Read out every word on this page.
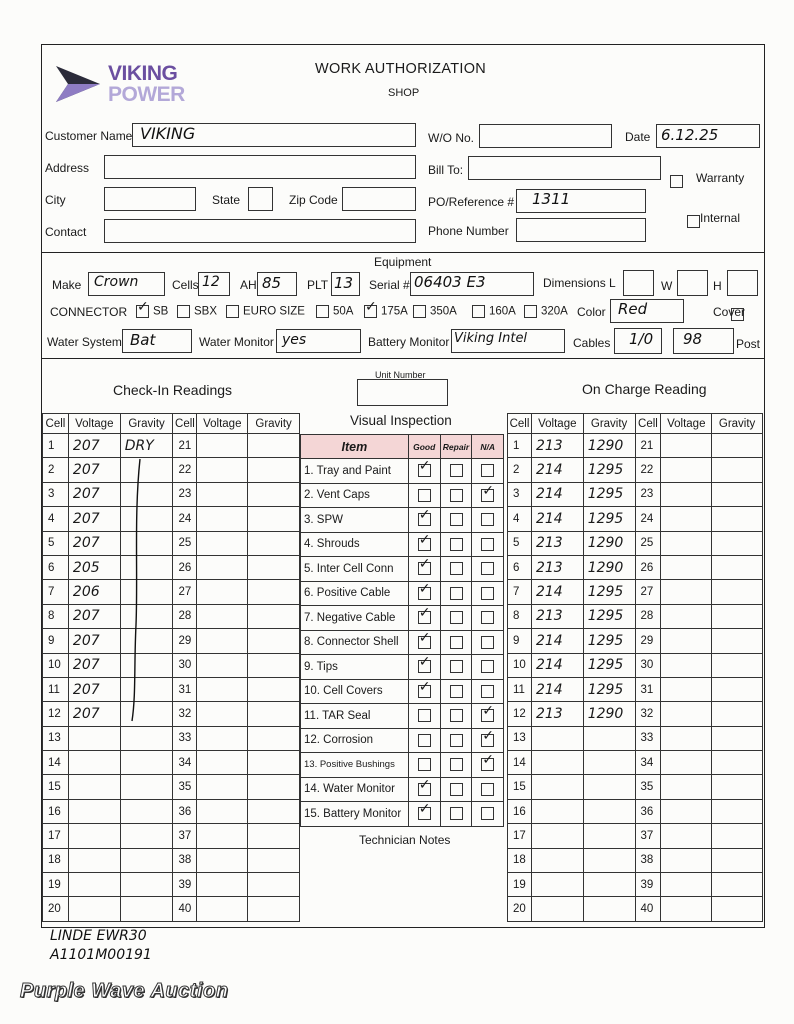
VIKING
POWER
WORK AUTHORIZATION
SHOP
Customer Name VIKING	W/O No.	Date 6.12.25
Address	Bill To:

Warranty

Internal
City	State	Zip Code	PO/Reference # 1311
Contact	Phone Number
Equipment
Make Crown	Cells 12 AH 85 PLT 13 Serial # 06403 E3	Dimensions L	W	H
CONNECTOR ✓	SB	SBX	EURO SIZE	50A ✓	175A	350A	160A	320A Color Red	Cover
Water System Bat	Water Monitor yes	Battery Monitor Viking Intel	Cables 1/0 98	Post
Check-In Readings
Unit Number
On Charge Reading
Visual Inspection
Cell	Voltage	Gravity	Cell	Voltage	Gravity
1	207	DRY	21		
2	207		22		
3	207		23		
4	207		24		
5	207		25		
6	205		26		
7	206		27		
8	207		28		
9	207		29		
10	207		30		
11	207		31		
12	207		32		
13			33		
14			34		
15			35		
16			36		
17			37		
18			38		
19			39		
20			40		
Item	Good	Repair	N/A
1. Tray and Paint	✓		
2. Vent Caps			✓
3. SPW	✓		
4. Shrouds	✓		
5. Inter Cell Conn	✓		
6. Positive Cable	✓		
7. Negative Cable	✓		
8. Connector Shell	✓		
9. Tips	✓		
10. Cell Covers	✓		
11. TAR Seal			✓
12. Corrosion			✓
13. Positive Bushings			✓
14. Water Monitor	✓		
15. Battery Monitor	✓		
Technician Notes
Cell	Voltage	Gravity	Cell	Voltage	Gravity
1	213	1290	21		
2	214	1295	22		
3	214	1295	23		
4	214	1295	24		
5	213	1290	25		
6	213	1290	26		
7	214	1295	27		
8	213	1295	28		
9	214	1295	29		
10	214	1295	30		
11	214	1295	31		
12	213	1290	32		
13			33		
14			34		
15			35		
16			36		
17			37		
18			38		
19			39		
20			40		
LINDE EWR30
A1101M00191
Purple Wave Auction
